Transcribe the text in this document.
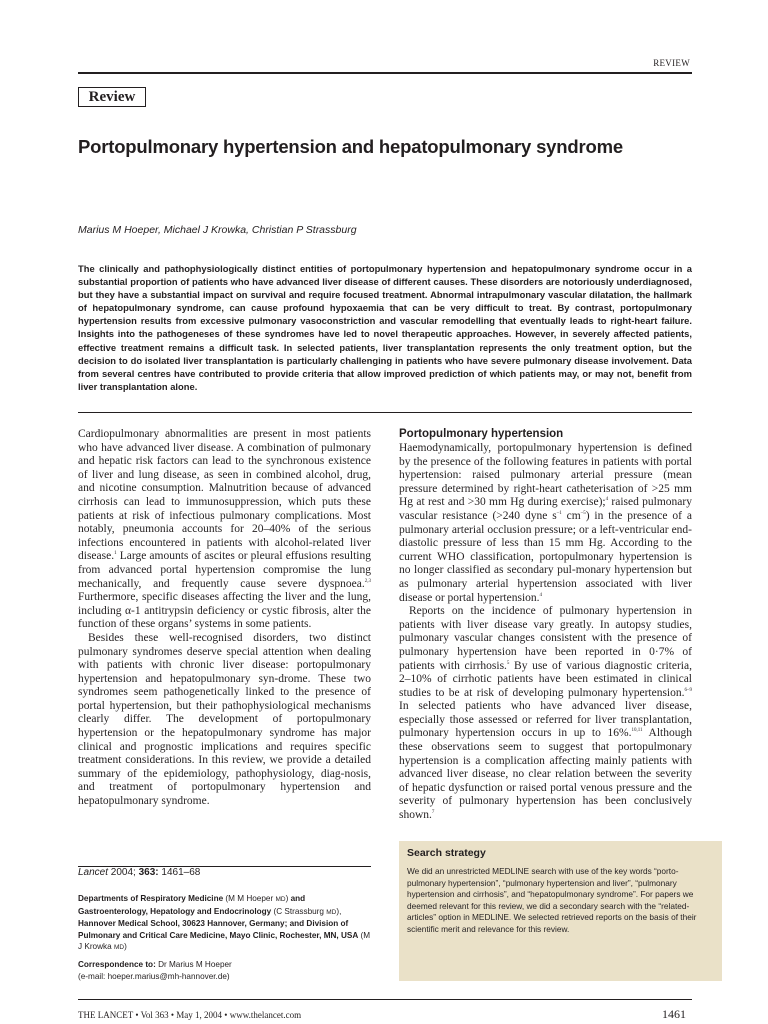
REVIEW
Review
Portopulmonary hypertension and hepatopulmonary syndrome
Marius M Hoeper, Michael J Krowka, Christian P Strassburg

The clinically and pathophysiologically distinct entities of portopulmonary hypertension and hepatopulmonary syndrome occur in a substantial proportion of patients who have advanced liver disease of different causes. These disorders are notoriously underdiagnosed, but they have a substantial impact on survival and require focused treatment. Abnormal intrapulmonary vascular dilatation, the hallmark of hepatopulmonary syndrome, can cause profound hypoxaemia that can be very difficult to treat. By contrast, portopulmonary hypertension results from excessive pulmonary vasoconstriction and vascular remodelling that eventually leads to right-heart failure. Insights into the pathogeneses of these syndromes have led to novel therapeutic approaches. However, in severely affected patients, effective treatment remains a difficult task. In selected patients, liver transplantation represents the only treatment option, but the decision to do isolated liver transplantation is particularly challenging in patients who have severe pulmonary disease involvement. Data from several centres have contributed to provide criteria that allow improved prediction of which patients may, or may not, benefit from liver transplantation alone.

Cardiopulmonary abnormalities are present in most patients who have advanced liver disease. A combination of pulmonary and hepatic risk factors can lead to the synchronous existence of liver and lung disease, as seen in combined alcohol, drug, and nicotine consumption. Malnutrition because of advanced cirrhosis can lead to immunosuppression, which puts these patients at risk of infectious pulmonary complications. Most notably, pneumonia accounts for 20–40% of the serious infections encountered in patients with alcohol-related liver disease.$^1$ Large amounts of ascites or pleural effusions resulting from advanced portal hypertension compromise the lung mechanically, and frequently cause severe dyspnoea.$^{2,3}$ Furthermore, specific diseases affecting the liver and the lung, including α-1 antitrypsin deficiency or cystic fibrosis, alter the function of these organs’ systems in some patients.

Besides these well-recognised disorders, two distinct pulmonary syndromes deserve special attention when dealing with patients with chronic liver disease: portopulmonary hypertension and hepatopulmonary syn-drome. These two syndromes seem pathogenetically linked to the presence of portal hypertension, but their pathophysiological mechanisms clearly differ. The development of portopulmonary hypertension or the hepatopulmonary syndrome has major clinical and prognostic implications and requires specific treatment considerations. In this review, we provide a detailed summary of the epidemiology, pathophysiology, diag-nosis, and treatment of portopulmonary hypertension and hepatopulmonary syndrome.

Portopulmonary hypertension

Haemodynamically, portopulmonary hypertension is defined by the presence of the following features in patients with portal hypertension: raised pulmonary arterial pressure (mean pressure determined by right-heart catheterisation of >25 mm Hg at rest and >30 mm Hg during exercise);$^4$ raised pulmonary vascular resistance (>240 dyne $s^{-1}$ $cm^{-5}$) in the presence of a pulmonary arterial occlusion pressure; or a left-ventricular end-diastolic pressure of less than 15 mm Hg. According to the current WHO classification, portopulmonary hypertension is no longer classified as secondary pul-monary hypertension but as pulmonary arterial hypertension associated with liver disease or portal hypertension.$^4$

Reports on the incidence of pulmonary hypertension in patients with liver disease vary greatly. In autopsy studies, pulmonary vascular changes consistent with the presence of pulmonary hypertension have been reported in 0·7% of patients with cirrhosis.$^5$ By use of various diagnostic criteria, 2–10% of cirrhotic patients have been estimated in clinical studies to be at risk of developing pulmonary hypertension.$^{6-9}$ In selected patients who have advanced liver disease, especially those assessed or referred for liver transplantation, pulmonary hypertension occurs in up to 16%.$^{10,11}$ Although these observations seem to suggest that portopulmonary hypertension is a complication affecting mainly patients with advanced liver disease, no clear relation between the severity of hepatic dysfunction or raised portal venous pressure and the severity of pulmonary hypertension has been conclusively shown.$^7$

Lancet 2004; 363: 1461–68

Departments of Respiratory Medicine (M M Hoeper MD) and Gastroenterology, Hepatology and Endocrinology (C Strassburg MD), Hannover Medical School, 30623 Hannover, Germany; and Division of Pulmonary and Critical Care Medicine, Mayo Clinic, Rochester, MN, USA (M J Krowka MD)

Correspondence to: Dr Marius M Hoeper
(e-mail: hoeper.marius@mh-hannover.de)

Search strategy

We did an unrestricted MEDLINE search with use of the key words “porto-pulmonary hypertension”, “pulmonary hypertension and liver”, “pulmonary hypertension and cirrhosis”, and “hepatopulmonary syndrome”. For papers we deemed relevant for this review, we did a secondary search with the “related-articles” option in MEDLINE. We selected retrieved reports on the basis of their scientific merit and relevance for this review.

THE LANCET • Vol 363 • May 1, 2004 • www.thelancet.com	1461
